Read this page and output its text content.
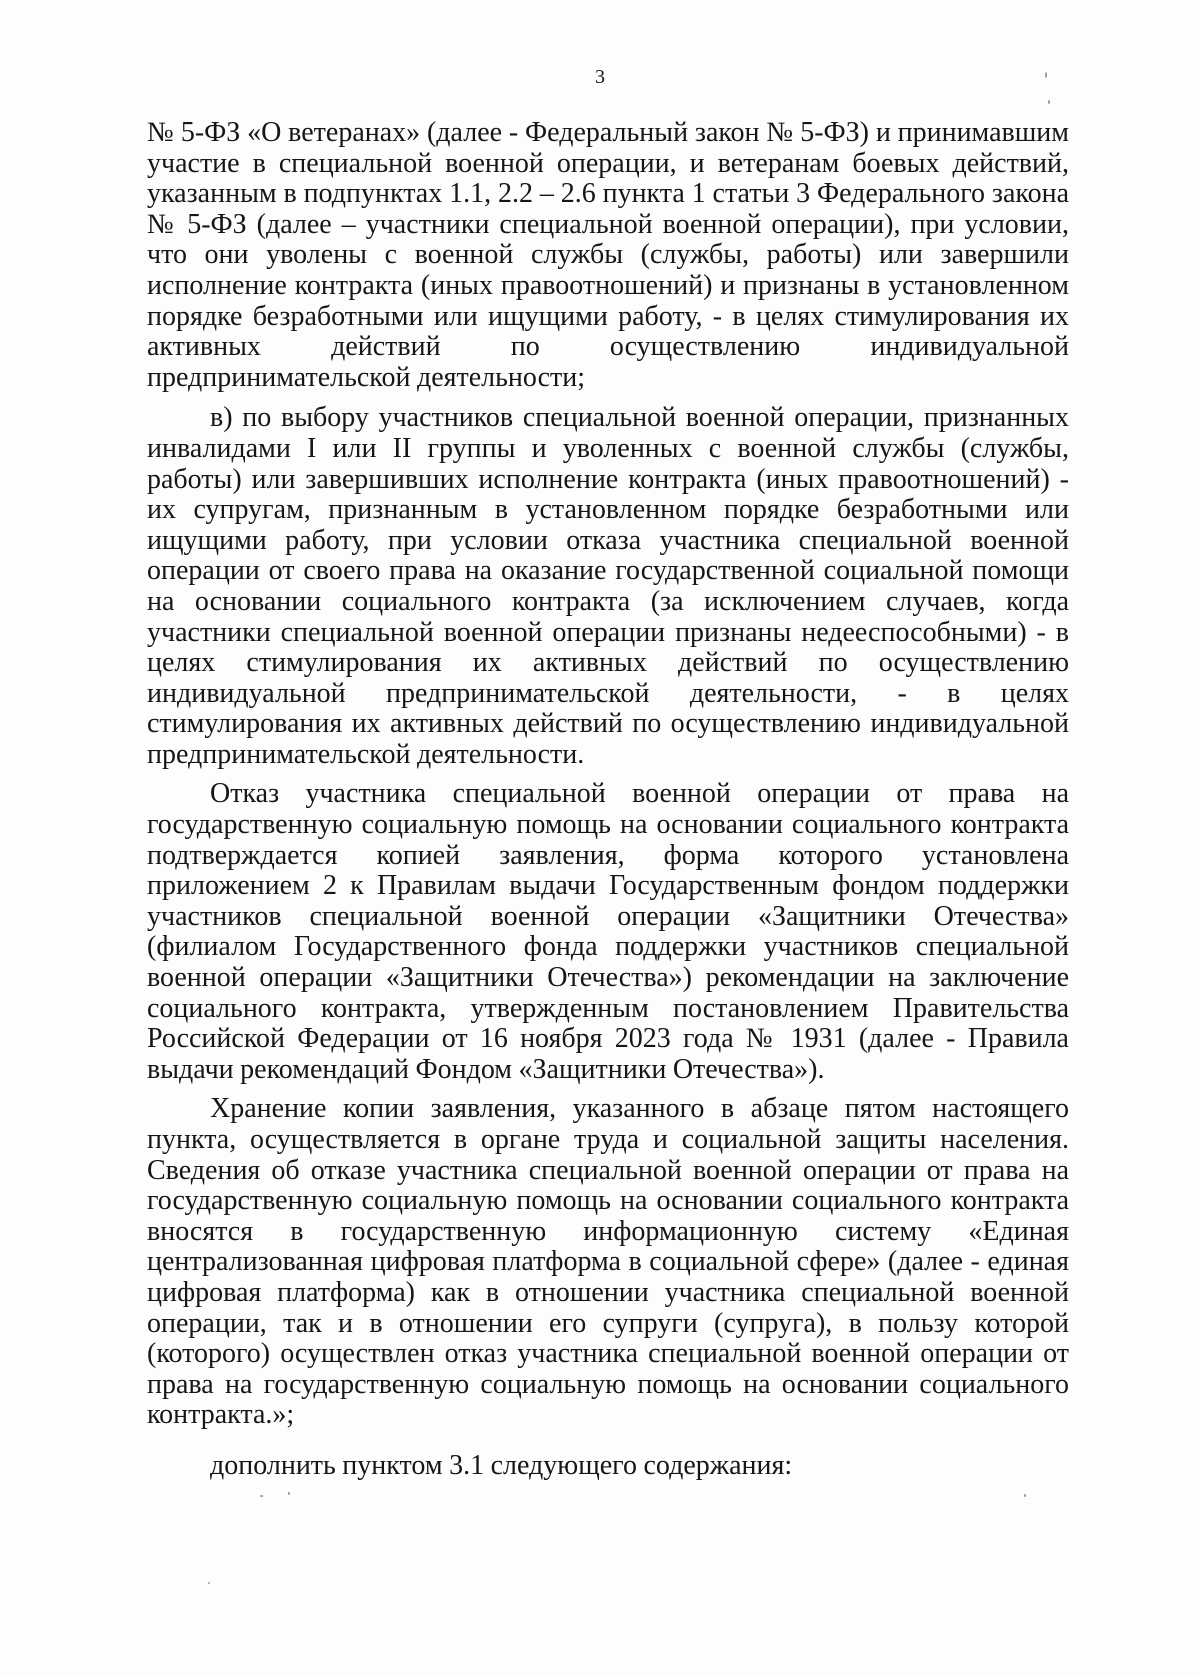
3

№ 5-ФЗ «О ветеранах» (далее - Федеральный закон № 5-ФЗ) и принимавшим участие в специальной военной операции, и ветеранам боевых действий, указанным в подпунктах 1.1, 2.2 – 2.6 пункта 1 статьи 3 Федерального закона № 5-ФЗ (далее – участники специальной военной операции), при условии, что они уволены с военной службы (службы, работы) или завершили исполнение контракта (иных правоотношений) и признаны в установленном порядке безработными или ищущими работу, - в целях стимулирования их активных действий по осуществлению индивидуальной предпринимательской деятельности;

в) по выбору участников специальной военной операции, признанных инвалидами I или II группы и уволенных с военной службы (службы, работы) или завершивших исполнение контракта (иных правоотношений) - их супругам, признанным в установленном порядке безработными или ищущими работу, при условии отказа участника специальной военной операции от своего права на оказание государственной социальной помощи на основании социального контракта (за исключением случаев, когда участники специальной военной операции признаны недееспособными) - в целях стимулирования их активных действий по осуществлению индивидуальной предпринимательской деятельности, - в целях стимулирования их активных действий по осуществлению индивидуальной предпринимательской деятельности.

Отказ участника специальной военной операции от права на государственную социальную помощь на основании социального контракта подтверждается копией заявления, форма которого установлена приложением 2 к Правилам выдачи Государственным фондом поддержки участников специальной военной операции «Защитники Отечества» (филиалом Государственного фонда поддержки участников специальной военной операции «Защитники Отечества») рекомендации на заключение социального контракта, утвержденным постановлением Правительства Российской Федерации от 16 ноября 2023 года № 1931 (далее - Правила выдачи рекомендаций Фондом «Защитники Отечества»).

Хранение копии заявления, указанного в абзаце пятом настоящего пункта, осуществляется в органе труда и социальной защиты населения. Сведения об отказе участника специальной военной операции от права на государственную социальную помощь на основании социального контракта вносятся в государственную информационную систему «Единая централизованная цифровая платформа в социальной сфере» (далее - единая цифровая платформа) как в отношении участника специальной военной операции, так и в отношении его супруги (супруга), в пользу которой (которого) осуществлен отказ участника специальной военной операции от права на государственную социальную помощь на основании социального контракта.»;

дополнить пунктом 3.1 следующего содержания:
